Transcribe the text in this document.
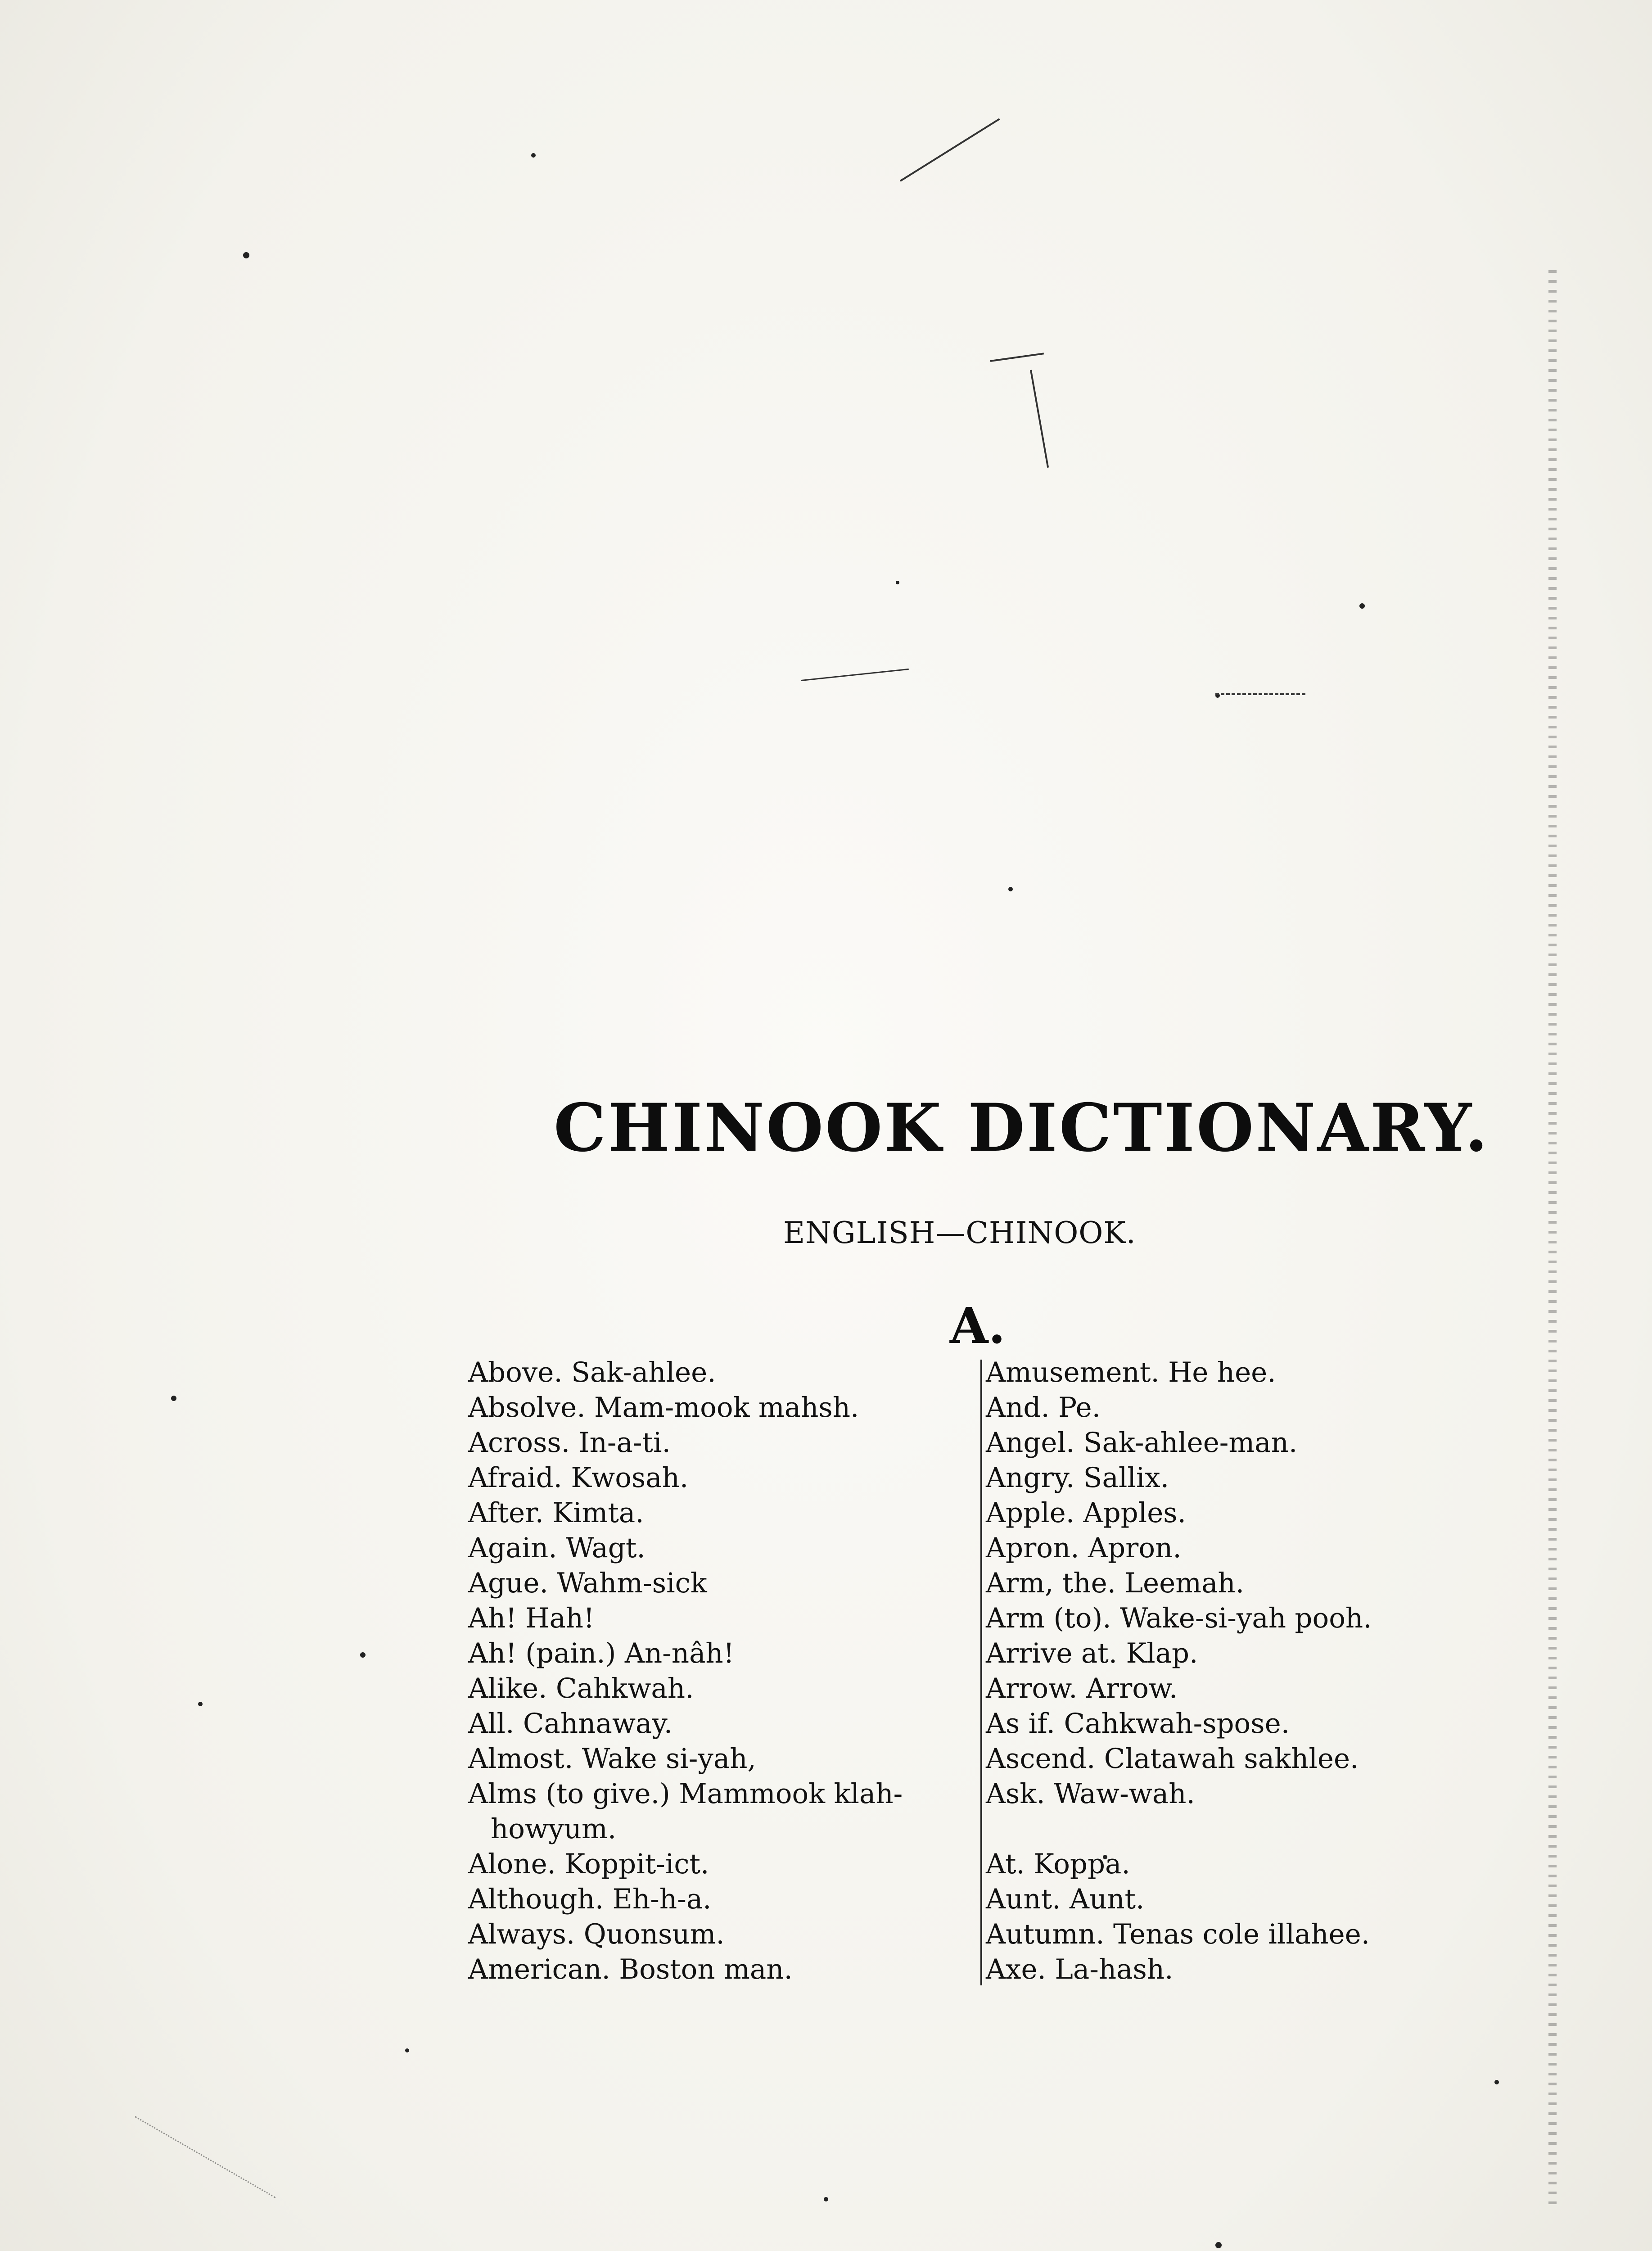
CHINOOK DICTIONARY.
ENGLISH—CHINOOK.
A.
Above. Sak-ahlee.
Absolve. Mam-mook mahsh.
Across. In-a-ti.
Afraid. Kwosah.
After. Kimta.
Again. Wagt.
Ague. Wahm-sick
Ah! Hah!
Ah! (pain.) An-nâh!
Alike. Cahkwah.
All. Cahnaway.
Almost. Wake si-yah,
Alms (to give.) Mammook klah-
howyum.
Alone. Koppit-ict.
Although. Eh-h-a.
Always. Quonsum.
American. Boston man.
Amusement. He hee.
And. Pe.
Angel. Sak-ahlee-man.
Angry. Sallix.
Apple. Apples.
Apron. Apron.
Arm, the. Leemah.
Arm (to). Wake-si-yah pooh.
Arrive at. Klap.
Arrow. Arrow.
As if. Cahkwah-spose.
Ascend. Clatawah sakhlee.
Ask. Waw-wah.
At. Koppa.
Aunt. Aunt.
Autumn. Tenas cole illahee.
Axe. La-hash.
